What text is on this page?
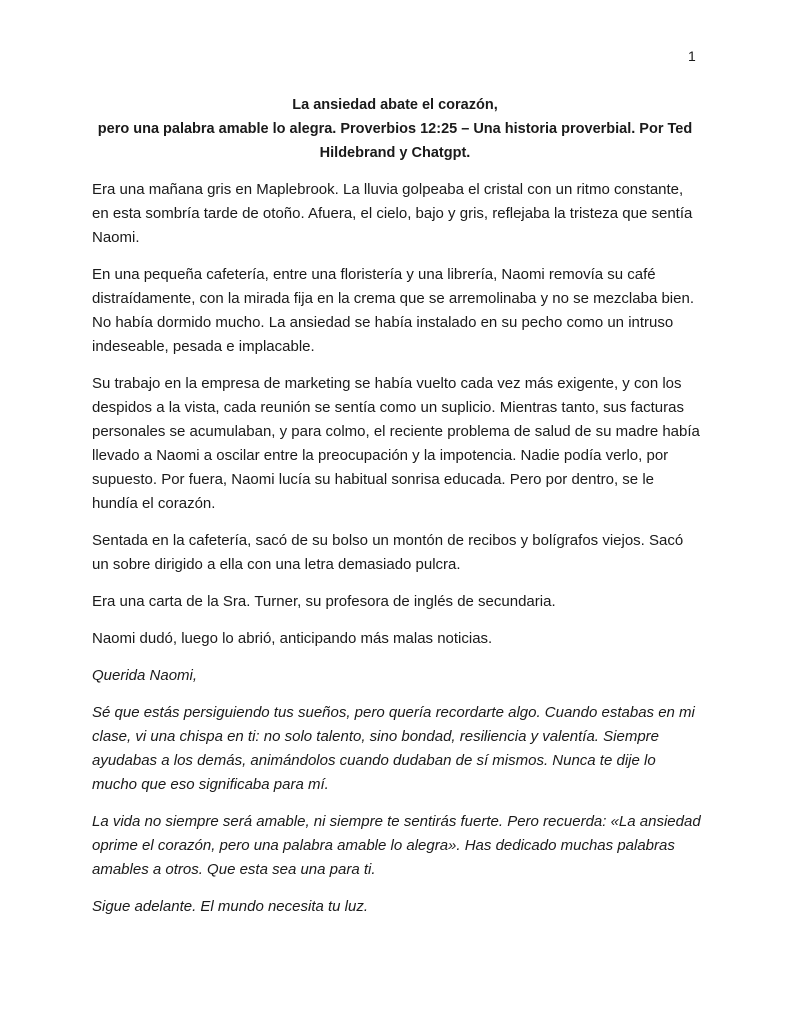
1

La ansiedad abate el corazón,

pero una palabra amable lo alegra. Proverbios 12:25 – Una historia proverbial. Por Ted Hildebrand y Chatgpt.

Era una mañana gris en Maplebrook. La lluvia golpeaba el cristal con un ritmo constante, en esta sombría tarde de otoño. Afuera, el cielo, bajo y gris, reflejaba la tristeza que sentía Naomi.

En una pequeña cafetería, entre una floristería y una librería, Naomi removía su café distraídamente, con la mirada fija en la crema que se arremolinaba y no se mezclaba bien. No había dormido mucho. La ansiedad se había instalado en su pecho como un intruso indeseable, pesada e implacable.

Su trabajo en la empresa de marketing se había vuelto cada vez más exigente, y con los despidos a la vista, cada reunión se sentía como un suplicio. Mientras tanto, sus facturas personales se acumulaban, y para colmo, el reciente problema de salud de su madre había llevado a Naomi a oscilar entre la preocupación y la impotencia. Nadie podía verlo, por supuesto. Por fuera, Naomi lucía su habitual sonrisa educada. Pero por dentro, se le hundía el corazón.

Sentada en la cafetería, sacó de su bolso un montón de recibos y bolígrafos viejos. Sacó un sobre dirigido a ella con una letra demasiado pulcra.

Era una carta de la Sra. Turner, su profesora de inglés de secundaria.

Naomi dudó, luego lo abrió, anticipando más malas noticias.

Querida Naomi,

Sé que estás persiguiendo tus sueños, pero quería recordarte algo. Cuando estabas en mi clase, vi una chispa en ti: no solo talento, sino bondad, resiliencia y valentía. Siempre ayudabas a los demás, animándolos cuando dudaban de sí mismos. Nunca te dije lo mucho que eso significaba para mí.

La vida no siempre será amable, ni siempre te sentirás fuerte. Pero recuerda: «La ansiedad oprime el corazón, pero una palabra amable lo alegra». Has dedicado muchas palabras amables a otros. Que esta sea una para ti.

Sigue adelante. El mundo necesita tu luz.
